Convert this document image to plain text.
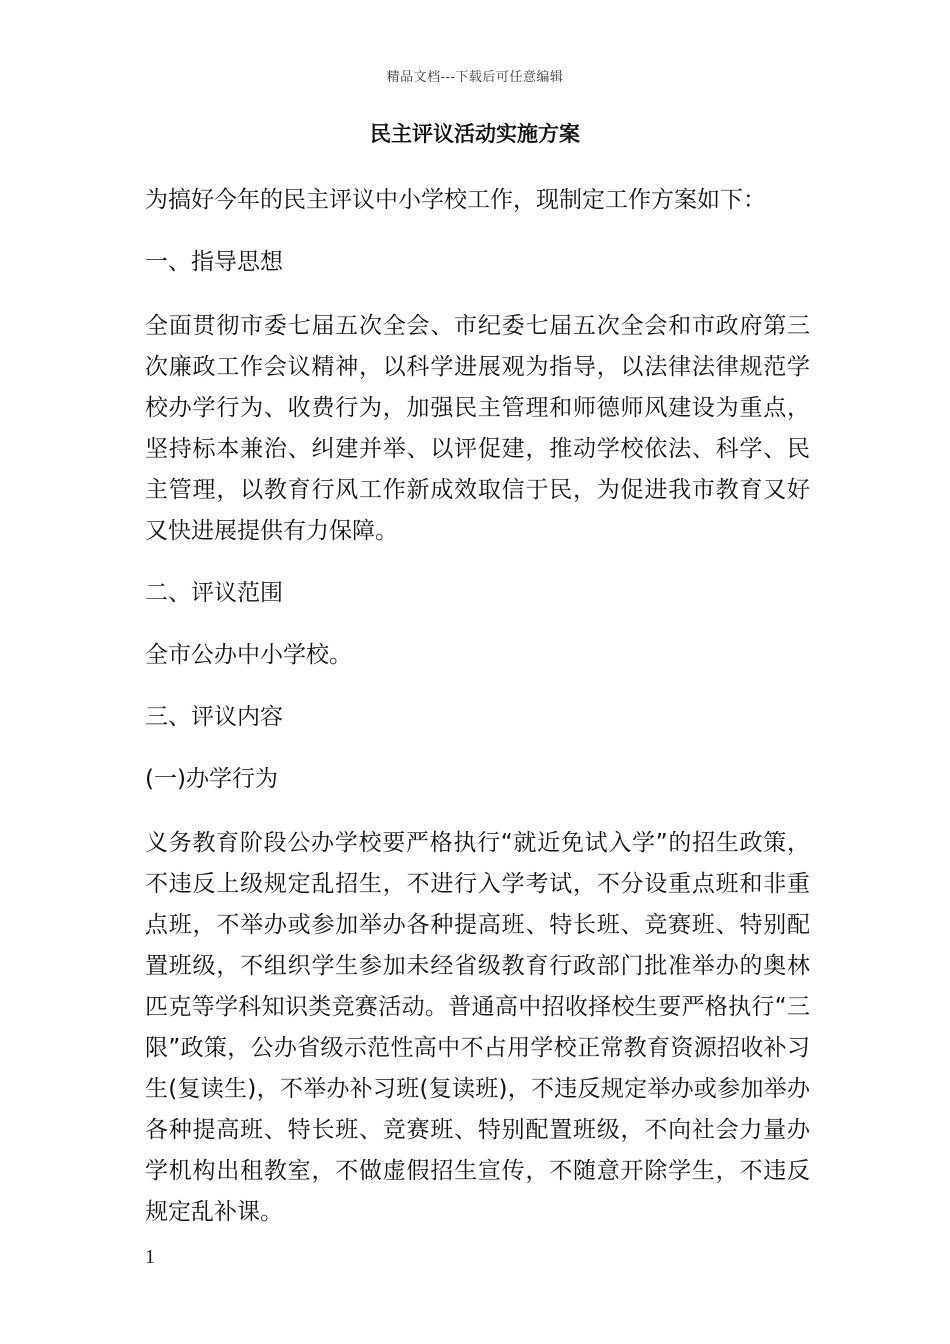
精品文档---下载后可任意编辑
民主评议活动实施方案

为搞好今年的民主评议中小学校工作，现制定工作方案如下：

一、指导思想

全面贯彻市委七届五次全会、市纪委七届五次全会和市政府第三次廉政工作会议精神，以科学进展观为指导，以法律法律规范学校办学行为、收费行为，加强民主管理和师德师风建设为重点，坚持标本兼治、纠建并举、以评促建，推动学校依法、科学、民主管理，以教育行风工作新成效取信于民，为促进我市教育又好又快进展提供有力保障。

二、评议范围

全市公办中小学校。

三、评议内容

(一)办学行为

义务教育阶段公办学校要严格执行“就近免试入学”的招生政策，不违反上级规定乱招生，不进行入学考试，不分设重点班和非重点班，不举办或参加举办各种提高班、特长班、竞赛班、特别配置班级，不组织学生参加未经省级教育行政部门批准举办的奥林匹克等学科知识类竞赛活动。普通高中招收择校生要严格执行“三限”政策，公办省级示范性高中不占用学校正常教育资源招收补习生(复读生)，不举办补习班(复读班)，不违反规定举办或参加举办各种提高班、特长班、竞赛班、特别配置班级，不向社会力量办学机构出租教室，不做虚假招生宣传，不随意开除学生，不违反规定乱补课。

1
